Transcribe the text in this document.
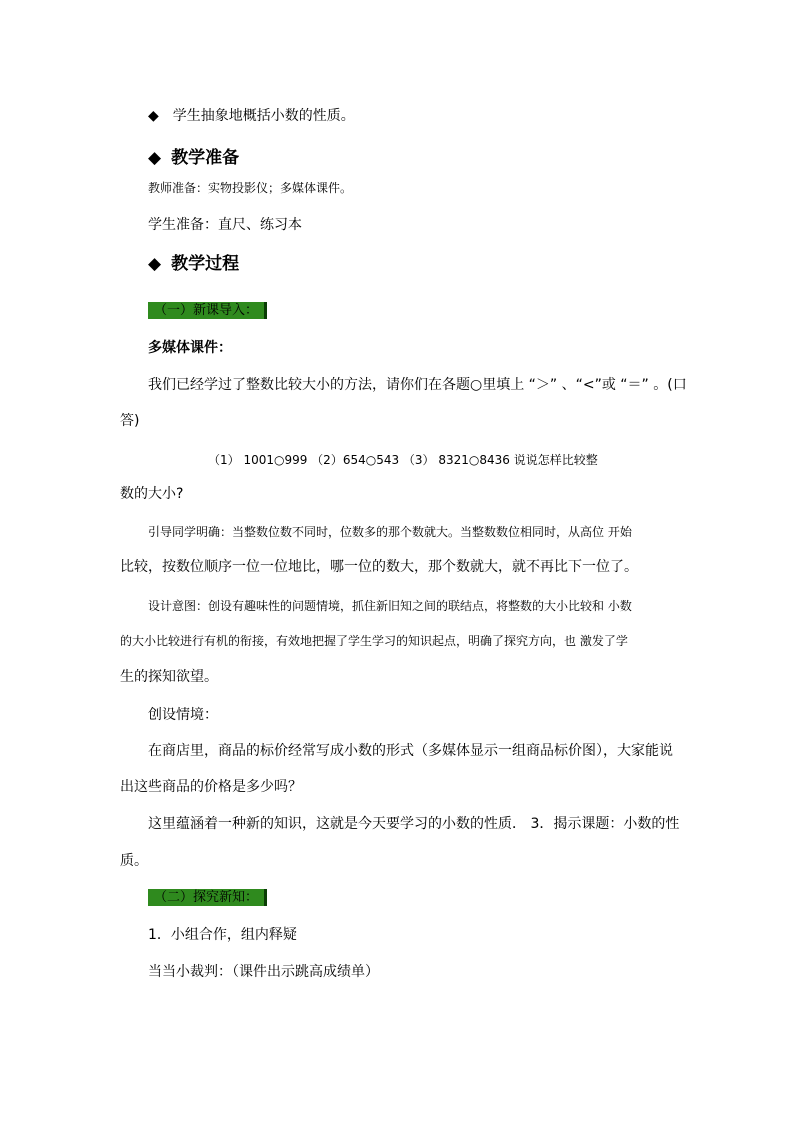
◆ 学生抽象地概括小数的性质。
◆ 教学准备
教师准备：实物投影仪；多媒体课件。
学生准备：直尺、练习本
◆ 教学过程
（一）新课导入：
多媒体课件：
我们已经学过了整数比较大小的方法，请你们在各题○里填上 “＞” 、“<”或 “＝” 。(口
答)
（1） 1001○999 （2）654○543 （3） 8321○8436 说说怎样比较整
数的大小?
引导同学明确：当整数位数不同时，位数多的那个数就大。当整数数位相同时，从高位 开始
比较，按数位顺序一位一位地比，哪一位的数大，那个数就大，就不再比下一位了。
设计意图：创设有趣味性的问题情境，抓住新旧知之间的联结点，将整数的大小比较和 小数
的大小比较进行有机的衔接，有效地把握了学生学习的知识起点，明确了探究方向，也 激发了学
生的探知欲望。
创设情境：
在商店里，商品的标价经常写成小数的形式（多媒体显示一组商品标价图），大家能说
出这些商品的价格是多少吗？
这里蕴涵着一种新的知识，这就是今天要学习的小数的性质． 3．揭示课题：小数的性
质。
（二）探究新知：
1．小组合作，组内释疑
当当小裁判：（课件出示跳高成绩单）
